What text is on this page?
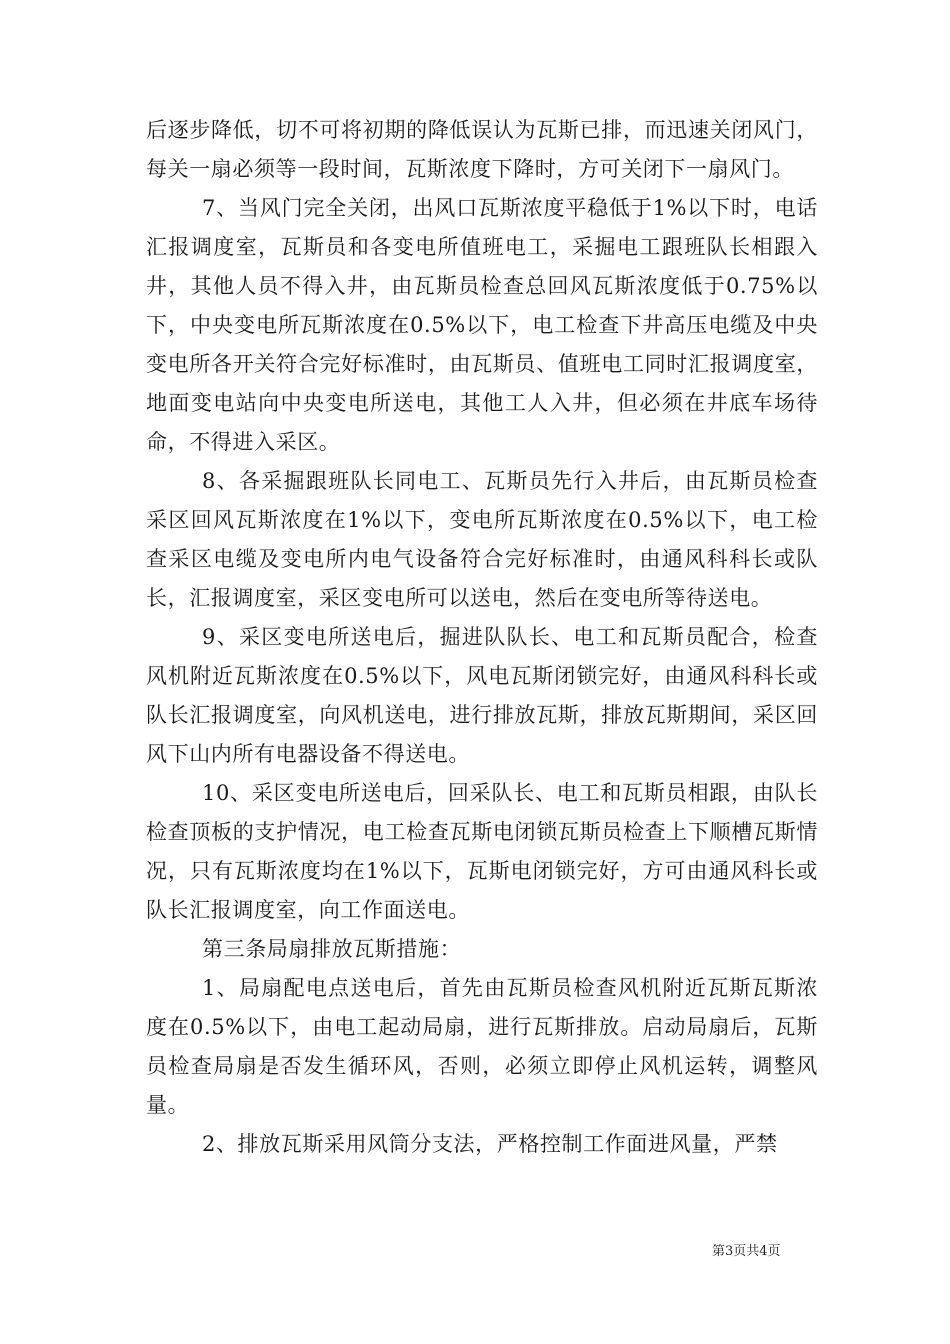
后逐步降低，切不可将初期的降低误认为瓦斯已排，而迅速关闭风门，每关一扇必须等一段时间，瓦斯浓度下降时，方可关闭下一扇风门。

7、当风门完全关闭，出风口瓦斯浓度平稳低于1%以下时，电话汇报调度室，瓦斯员和各变电所值班电工，采掘电工跟班队长相跟入井，其他人员不得入井，由瓦斯员检查总回风瓦斯浓度低于0.75%以下，中央变电所瓦斯浓度在0.5%以下，电工检查下井高压电缆及中央变电所各开关符合完好标准时，由瓦斯员、值班电工同时汇报调度室，地面变电站向中央变电所送电，其他工人入井，但必须在井底车场待命，不得进入采区。

8、各采掘跟班队长同电工、瓦斯员先行入井后，由瓦斯员检查采区回风瓦斯浓度在1%以下，变电所瓦斯浓度在0.5%以下，电工检查采区电缆及变电所内电气设备符合完好标准时，由通风科科长或队长，汇报调度室，采区变电所可以送电，然后在变电所等待送电。

9、采区变电所送电后，掘进队队长、电工和瓦斯员配合，检查风机附近瓦斯浓度在0.5%以下，风电瓦斯闭锁完好，由通风科科长或队长汇报调度室，向风机送电，进行排放瓦斯，排放瓦斯期间，采区回风下山内所有电器设备不得送电。

10、采区变电所送电后，回采队长、电工和瓦斯员相跟，由队长检查顶板的支护情况，电工检查瓦斯电闭锁瓦斯员检查上下顺槽瓦斯情况，只有瓦斯浓度均在1%以下，瓦斯电闭锁完好，方可由通风科长或队长汇报调度室，向工作面送电。

第三条局扇排放瓦斯措施：

1、局扇配电点送电后，首先由瓦斯员检查风机附近瓦斯瓦斯浓度在0.5%以下，由电工起动局扇，进行瓦斯排放。启动局扇后，瓦斯员检查局扇是否发生循环风，否则，必须立即停止风机运转，调整风量。

2、排放瓦斯采用风筒分支法，严格控制工作面进风量，严禁

第3页共4页
